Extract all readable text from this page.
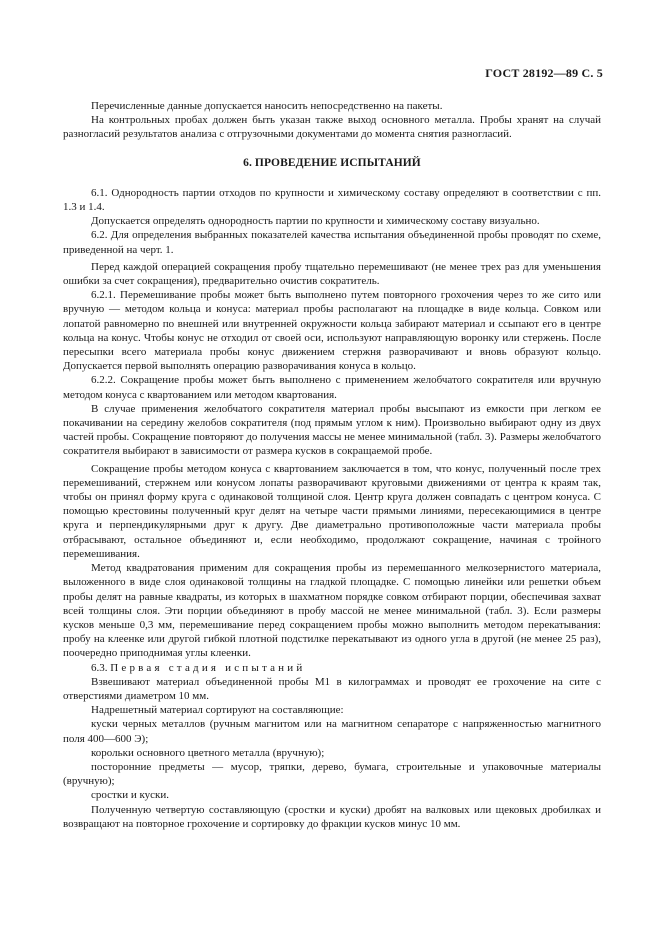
ГОСТ 28192—89 С. 5

Перечисленные данные допускается наносить непосредственно на пакеты.

На контрольных пробах должен быть указан также выход основного металла. Пробы хранят на случай разногласий результатов анализа с отгрузочными документами до момента снятия разногласий.

6. ПРОВЕДЕНИЕ ИСПЫТАНИЙ

6.1. Однородность партии отходов по крупности и химическому составу определяют в соответствии с пп. 1.3 и 1.4.

Допускается определять однородность партии по крупности и химическому составу визуально.

6.2. Для определения выбранных показателей качества испытания объединенной пробы проводят по схеме, приведенной на черт. 1.

Перед каждой операцией сокращения пробу тщательно перемешивают (не менее трех раз для уменьшения ошибки за счет сокращения), предварительно очистив сократитель.

6.2.1. Перемешивание пробы может быть выполнено путем повторного грохочения через то же сито или вручную — методом кольца и конуса: материал пробы располагают на площадке в виде кольца. Совком или лопатой равномерно по внешней или внутренней окружности кольца забирают материал и ссыпают его в центре кольца на конус. Чтобы конус не отходил от своей оси, используют направляющую воронку или стержень. После пересыпки всего материала пробы конус движением стержня разворачивают и вновь образуют кольцо. Допускается первой выполнять операцию разворачивания конуса в кольцо.

6.2.2. Сокращение пробы может быть выполнено с применением желобчатого сократителя или вручную методом конуса с квартованием или методом квартования.

В случае применения желобчатого сократителя материал пробы высыпают из емкости при легком ее покачивании на середину желобов сократителя (под прямым углом к ним). Произвольно выбирают одну из двух частей пробы. Сокращение повторяют до получения массы не менее минимальной (табл. 3). Размеры желобчатого сократителя выбирают в зависимости от размера кусков в сокращаемой пробе.

Сокращение пробы методом конуса с квартованием заключается в том, что конус, полученный после трех перемешиваний, стержнем или конусом лопаты разворачивают круговыми движениями от центра к краям так, чтобы он принял форму круга с одинаковой толщиной слоя. Центр круга должен совпадать с центром конуса. С помощью крестовины полученный круг делят на четыре части прямыми линиями, пересекающимися в центре круга и перпендикулярными друг к другу. Две диаметрально противоположные части материала пробы отбрасывают, остальное объединяют и, если необходимо, продолжают сокращение, начиная с тройного перемешивания.

Метод квадратования применим для сокращения пробы из перемешанного мелкозернистого материала, выложенного в виде слоя одинаковой толщины на гладкой площадке. С помощью линейки или решетки объем пробы делят на равные квадраты, из которых в шахматном порядке совком отбирают порции, обеспечивая захват всей толщины слоя. Эти порции объединяют в пробу массой не менее минимальной (табл. 3). Если размеры кусков меньше 0,3 мм, перемешивание перед сокращением пробы можно выполнить методом перекатывания: пробу на клеенке или другой гибкой плотной подстилке перекатывают из одного угла в другой (не менее 25 раз), поочередно приподнимая углы клеенки.

6.3. Первая стадия испытаний

Взвешивают материал объединенной пробы М1 в килограммах и проводят ее грохочение на сите с отверстиями диаметром 10 мм.

Надрешетный материал сортируют на составляющие:

куски черных металлов (ручным магнитом или на магнитном сепараторе с напряженностью магнитного поля 400—600 Э);

корольки основного цветного металла (вручную);

посторонние предметы — мусор, тряпки, дерево, бумага, строительные и упаковочные материалы (вручную);

сростки и куски.

Полученную четвертую составляющую (сростки и куски) дробят на валковых или щековых дробилках и возвращают на повторное грохочение и сортировку до фракции кусков минус 10 мм.
